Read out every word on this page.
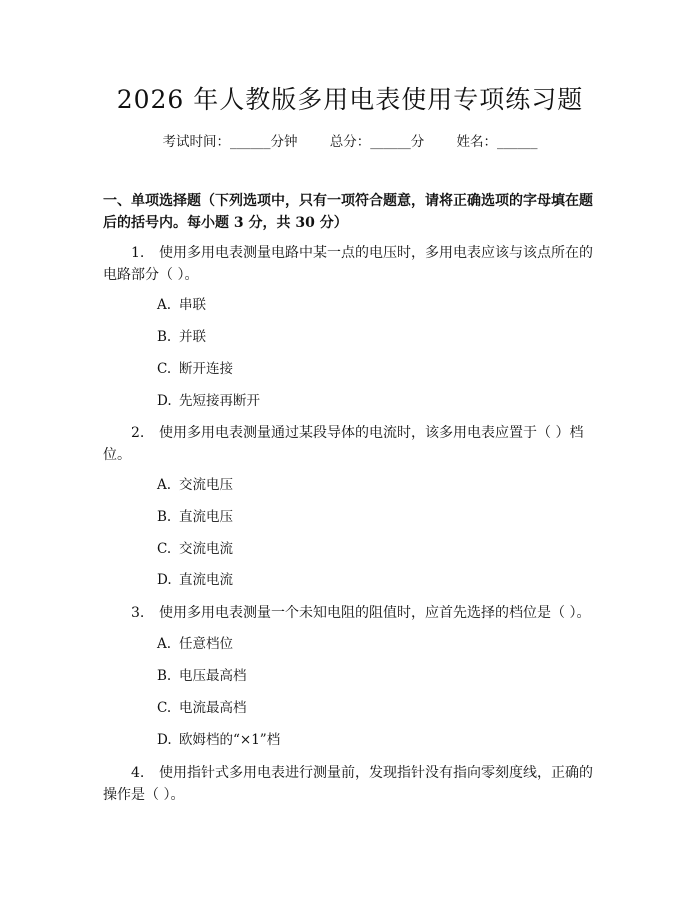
2026 年人教版多用电表使用专项练习题
考试时间：______分钟 总分：______分 姓名：______
一、单项选择题（下列选项中，只有一项符合题意，请将正确选项的字母填在题后的括号内。每小题 3 分，共 30 分）
1. 使用多用电表测量电路中某一点的电压时，多用电表应该与该点所在的电路部分（ ）。
A. 串联
B. 并联
C. 断开连接
D. 先短接再断开
2. 使用多用电表测量通过某段导体的电流时，该多用电表应置于（ ）档位。
A. 交流电压
B. 直流电压
C. 交流电流
D. 直流电流
3. 使用多用电表测量一个未知电阻的阻值时，应首先选择的档位是（ ）。
A. 任意档位
B. 电压最高档
C. 电流最高档
D. 欧姆档的“×1”档
4. 使用指针式多用电表进行测量前，发现指针没有指向零刻度线，正确的操作是（ ）。
